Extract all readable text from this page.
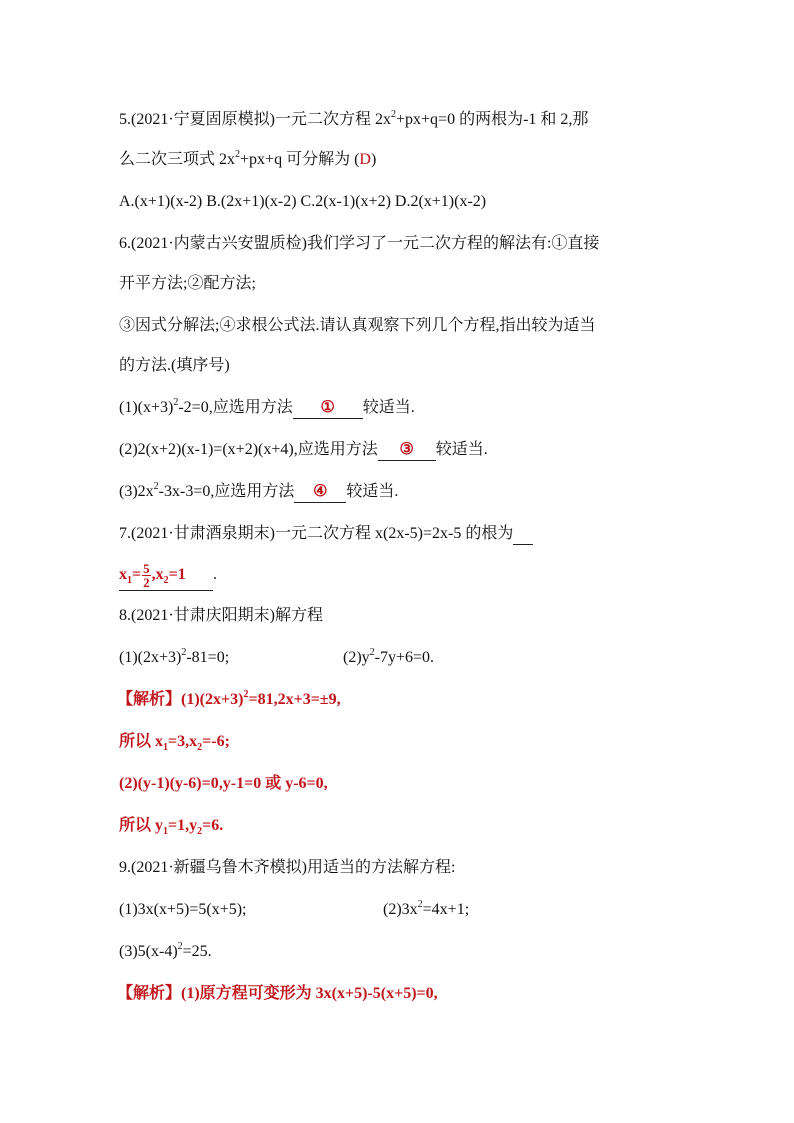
5.(2021·宁夏固原模拟)一元二次方程 $2x^2+px+q=0$ 的两根为-1 和 2,那
么二次三项式 $2x^2+px+q$ 可分解为 (D)
A.(x+1)(x-2) B.(2x+1)(x-2) C.2(x-1)(x+2) D.2(x+1)(x-2)
6.(2021·内蒙古兴安盟质检)我们学习了一元二次方程的解法有:①直接
开平方法;②配方法;
③因式分解法;④求根公式法.请认真观察下列几个方程,指出较为适当
的方法.(填序号)
$(1)(x+3)^2-2=0$,应选用方法 ① 较适当.
(2)2(x+2)(x-1)=(x+2)(x+4),应选用方法 ③ 较适当.
$(3)2x^2-3x-3=0$,应选用方法 ④ 较适当.
7.(2021·甘肃酒泉期末)一元二次方程 x(2x-5)=2x-5 的根为
$x_1= \frac{5}{2} ,x_2=1$ .
8.(2021·甘肃庆阳期末)解方程
$(1)(2x+3)^2-81=0$;	$(2)y^2-7y+6=0$.
【解析】$(1)(2x+3)^2=81,2x+3=\pm 9$,
所以 $x_1=3,x_2=-6$;
(2)(y-1)(y-6)=0,y-1=0 或 y-6=0,
所以 $y_1=1,y_2=6$.
9.(2021·新疆乌鲁木齐模拟)用适当的方法解方程:
(1)3x(x+5)=5(x+5);	$(2)3x^2=4x+1$;
$(3)5(x-4)^2=25$.
【解析】(1)原方程可变形为 3x(x+5)-5(x+5)=0,
